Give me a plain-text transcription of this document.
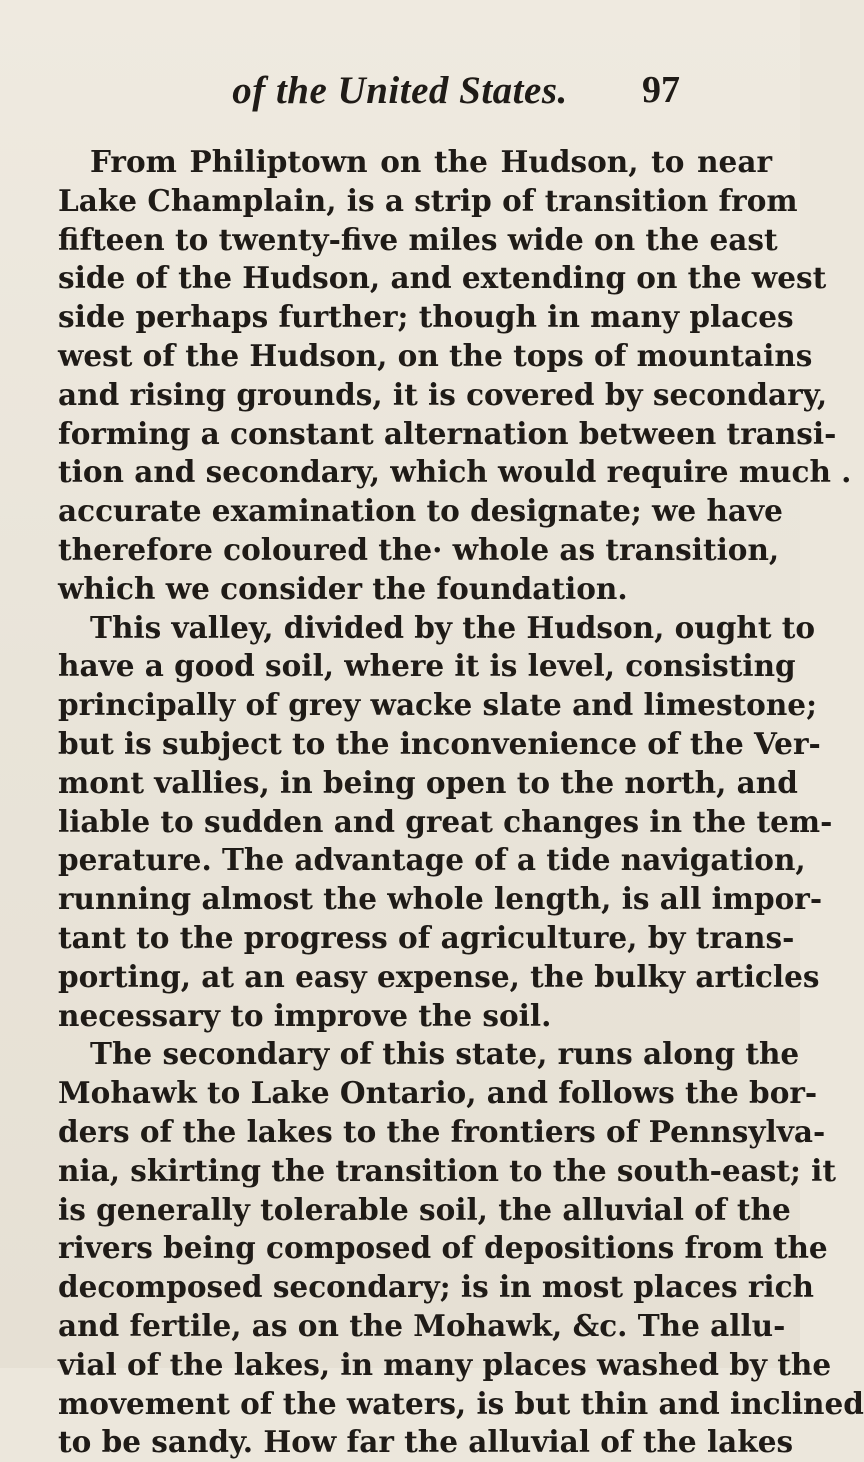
of the United States.	97
From Philiptown on the Hudson, to near
Lake Champlain, is a strip of transition from
fifteen to twenty-five miles wide on the east
side of the Hudson, and extending on the west
side perhaps further; though in many places
west of the Hudson, on the tops of mountains
and rising grounds, it is covered by secondary,
forming a constant alternation between transi-
tion and secondary, which would require much .
accurate examination to designate; we have
therefore coloured the· whole as transition,
which we consider the foundation.
This valley, divided by the Hudson, ought to
have a good soil, where it is level, consisting
principally of grey wacke slate and limestone;
but is subject to the inconvenience of the Ver-
mont vallies, in being open to the north, and
liable to sudden and great changes in the tem-
perature. The advantage of a tide navigation,
running almost the whole length, is all impor-
tant to the progress of agriculture, by trans-
porting, at an easy expense, the bulky articles
necessary to improve the soil.
The secondary of this state, runs along the
Mohawk to Lake Ontario, and follows the bor-
ders of the lakes to the frontiers of Pennsylva-
nia, skirting the transition to the south-east; it
is generally tolerable soil, the alluvial of the
rivers being composed of depositions from the
decomposed secondary; is in most places rich
and fertile, as on the Mohawk, &c. The allu-
vial of the lakes, in many places washed by the
movement of the waters, is but thin and inclined
to be sandy. How far the alluvial of the lakes
